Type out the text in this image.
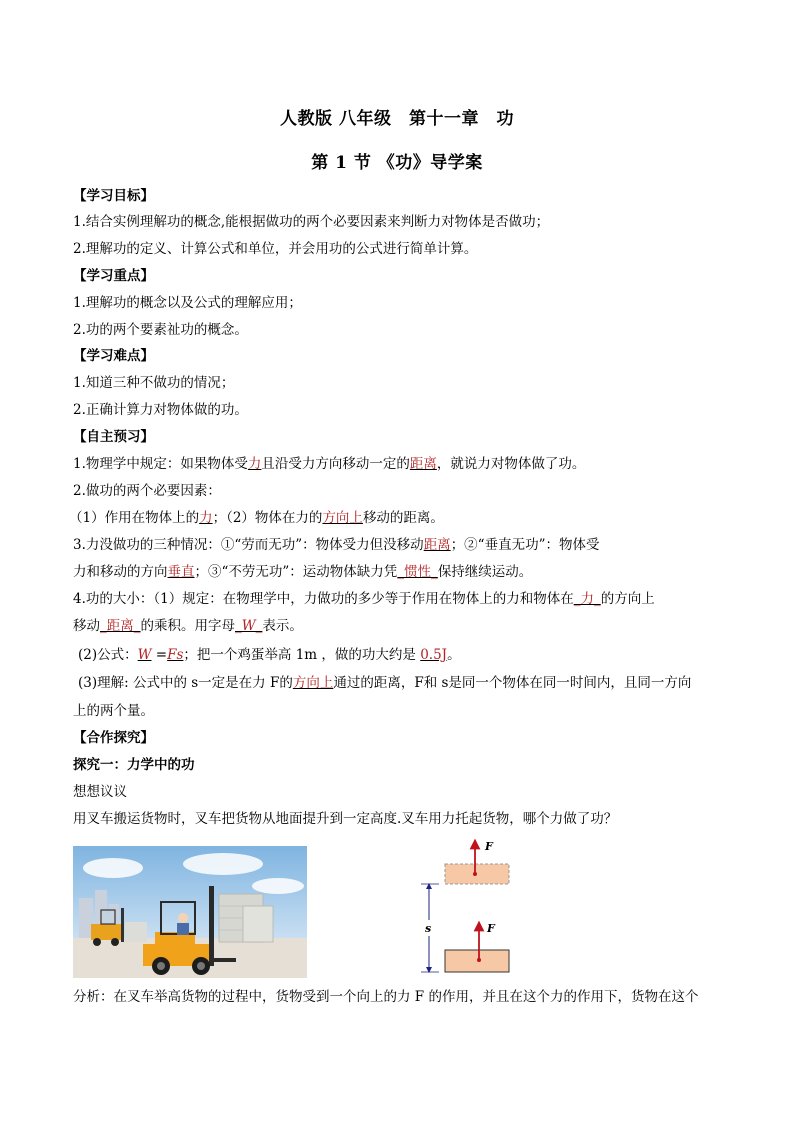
人教版 八年级　第十一章　功
第 1 节 《功》导学案
【学习目标】
1.结合实例理解功的概念,能根据做功的两个必要因素来判断力对物体是否做功；
2.理解功的定义、计算公式和单位，并会用功的公式进行简单计算。
【学习重点】
1.理解功的概念以及公式的理解应用；
2.功的两个要素祉功的概念。
【学习难点】
1.知道三种不做功的情况；
2.正确计算力对物体做的功。
【自主预习】
1.物理学中规定：如果物体受力且沿受力方向移动一定的距离，就说力对物体做了功。
2.做功的两个必要因素：
（1）作用在物体上的力；（2）物体在力的方向上移动的距离。
3.力没做功的三种情况：①“劳而无功”：物体受力但没移动距离；②“垂直无功”：物体受
力和移动的方向垂直；③“不劳无功”：运动物体缺力凭_惯性_保持继续运动。
4.功的大小：（1）规定：在物理学中，力做功的多少等于作用在物体上的力和物体在_力_的方向上
移动_距离_的乘积。用字母_W_表示。
(2)公式：W =Fs；把一个鸡蛋举高 1m ，做的功大约是 0.5J。
(3)理解: 公式中的 s一定是在力 F的方向上通过的距离，F和 s是同一个物体在同一时间内，且同一方向
上的两个量。
【合作探究】
探究一：力学中的功
想想议议
用叉车搬运货物时，叉车把货物从地面提升到一定高度.叉车用力托起货物，哪个力做了功？
F
F
s
分析：在叉车举高货物的过程中，货物受到一个向上的力 F 的作用，并且在这个力的作用下，货物在这个
